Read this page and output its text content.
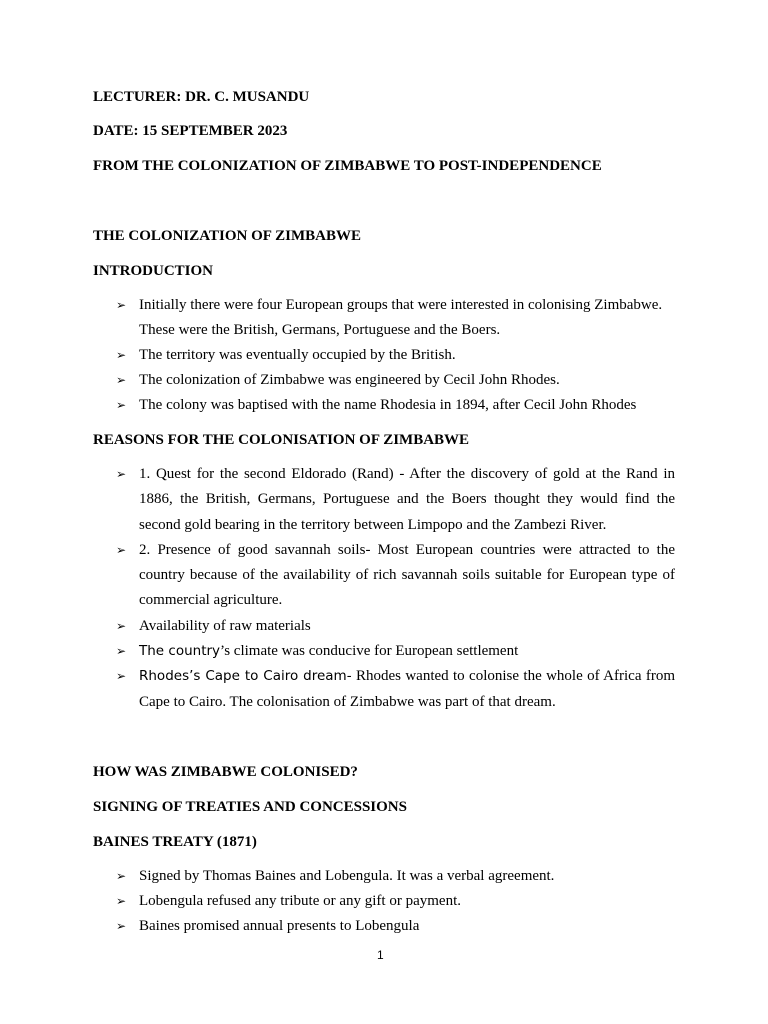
LECTURER: DR. C. MUSANDU

DATE: 15 SEPTEMBER 2023

FROM THE COLONIZATION OF ZIMBABWE TO POST-INDEPENDENCE

THE COLONIZATION OF ZIMBABWE

INTRODUCTION

➢ Initially there were four European groups that were interested in colonising Zimbabwe.
These were the British, Germans, Portuguese and the Boers.
➢ The territory was eventually occupied by the British.
➢ The colonization of Zimbabwe was engineered by Cecil John Rhodes.
➢ The colony was baptised with the name Rhodesia in 1894, after Cecil John Rhodes

REASONS FOR THE COLONISATION OF ZIMBABWE

➢ 1. Quest for the second Eldorado (Rand) - After the discovery of gold at the Rand in 1886, the British, Germans, Portuguese and the Boers thought they would find the second gold bearing in the territory between Limpopo and the Zambezi River.
➢ 2. Presence of good savannah soils- Most European countries were attracted to the country because of the availability of rich savannah soils suitable for European type of commercial agriculture.
➢ Availability of raw materials
➢ The country’s climate was conducive for European settlement
➢ Rhodes’s Cape to Cairo dream- Rhodes wanted to colonise the whole of Africa from Cape to Cairo. The colonisation of Zimbabwe was part of that dream.

HOW WAS ZIMBABWE COLONISED?

SIGNING OF TREATIES AND CONCESSIONS

BAINES TREATY (1871)

➢ Signed by Thomas Baines and Lobengula. It was a verbal agreement.
➢ Lobengula refused any tribute or any gift or payment.
➢ Baines promised annual presents to Lobengula
1
